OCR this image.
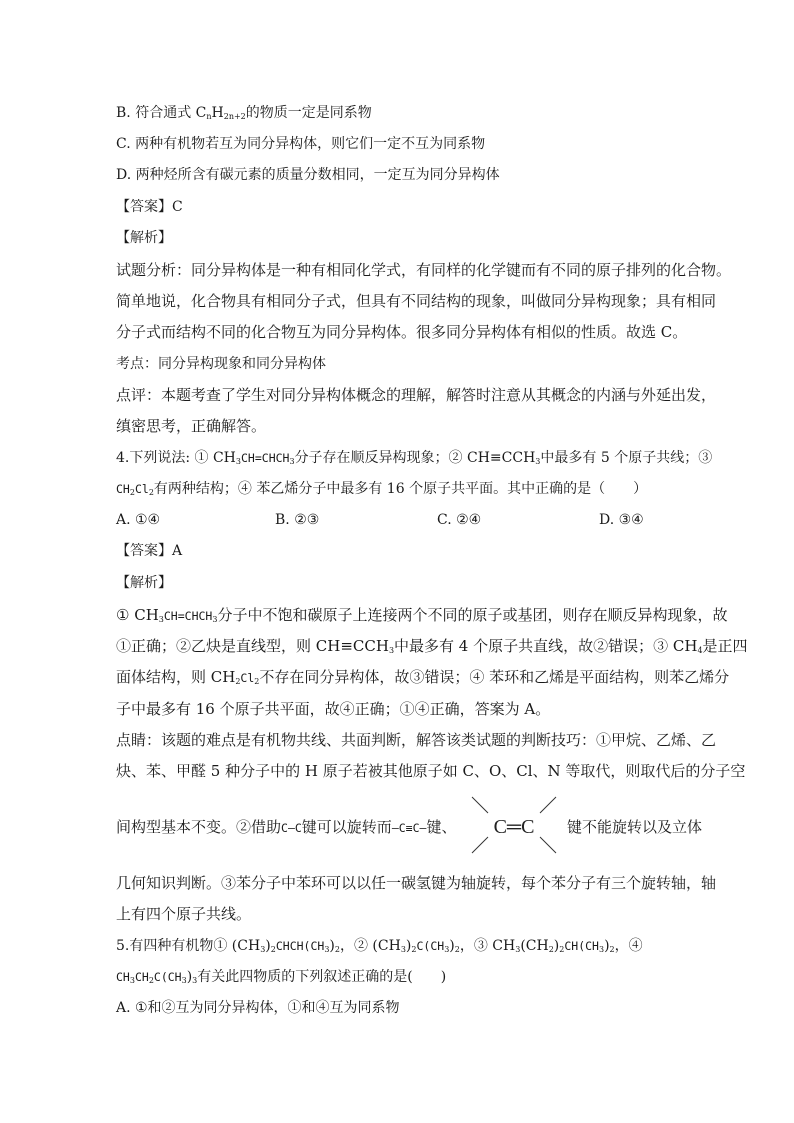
B. 符合通式 $C_nH_{2n+2}$的物质一定是同系物
C. 两种有机物若互为同分异构体，则它们一定不互为同系物
D. 两种烃所含有碳元素的质量分数相同，一定互为同分异构体
【答案】C
【解析】
试题分析：同分异构体是一种有相同化学式，有同样的化学键而有不同的原子排列的化合物。
简单地说，化合物具有相同分子式，但具有不同结构的现象，叫做同分异构现象；具有相同
分子式而结构不同的化合物互为同分异构体。很多同分异构体有相似的性质。故选 C。
考点：同分异构现象和同分异构体
点评：本题考查了学生对同分异构体概念的理解，解答时注意从其概念的内涵与外延出发，
缜密思考，正确解答。
4.下列说法: ① $CH_3CH=CHCH_3$分子存在顺反异构现象；② $CH\equiv CCH_3$中最多有 5 个原子共线；③
$CH_2Cl_2$有两种结构；④ 苯乙烯分子中最多有 16 个原子共平面。其中正确的是（　　）
A. ①④	B. ②③	C. ②④	D. ③④
【答案】A
【解析】
① $CH_3CH=CHCH_3$分子中不饱和碳原子上连接两个不同的原子或基团，则存在顺反异构现象，故
①正确；②乙炔是直线型，则 $CH\equiv CCH_3$中最多有 4 个原子共直线，故②错误；③ $CH_4$是正四
面体结构，则 $CH_2Cl_2$不存在同分异构体，故③错误；④ 苯环和乙烯是平面结构，则苯乙烯分
子中最多有 16 个原子共平面，故④正确；①④正确，答案为 A。
点睛：该题的难点是有机物共线、共面判断，解答该类试题的判断技巧：①甲烷、乙烯、乙
炔、苯、甲醛 5 种分子中的 H 原子若被其他原子如 C、O、Cl、N 等取代，则取代后的分子空
间构型基本不变。②借助C—C键可以旋转而—C≡C—键、	键不能旋转以及立体
C═C
几何知识判断。③苯分子中苯环可以以任一碳氢键为轴旋转，每个苯分子有三个旋转轴，轴
上有四个原子共线。
5.有四种有机物① $(CH_3)_2CHCH(CH_3)_2$，② $(CH_3)_2C(CH_3)_2$，③ $CH_3(CH_2)_2CH(CH_3)_2$，④
$CH_3CH_2C(CH_3)_3$有关此四物质的下列叙述正确的是(　　)
A. ①和②互为同分异构体，①和④互为同系物
